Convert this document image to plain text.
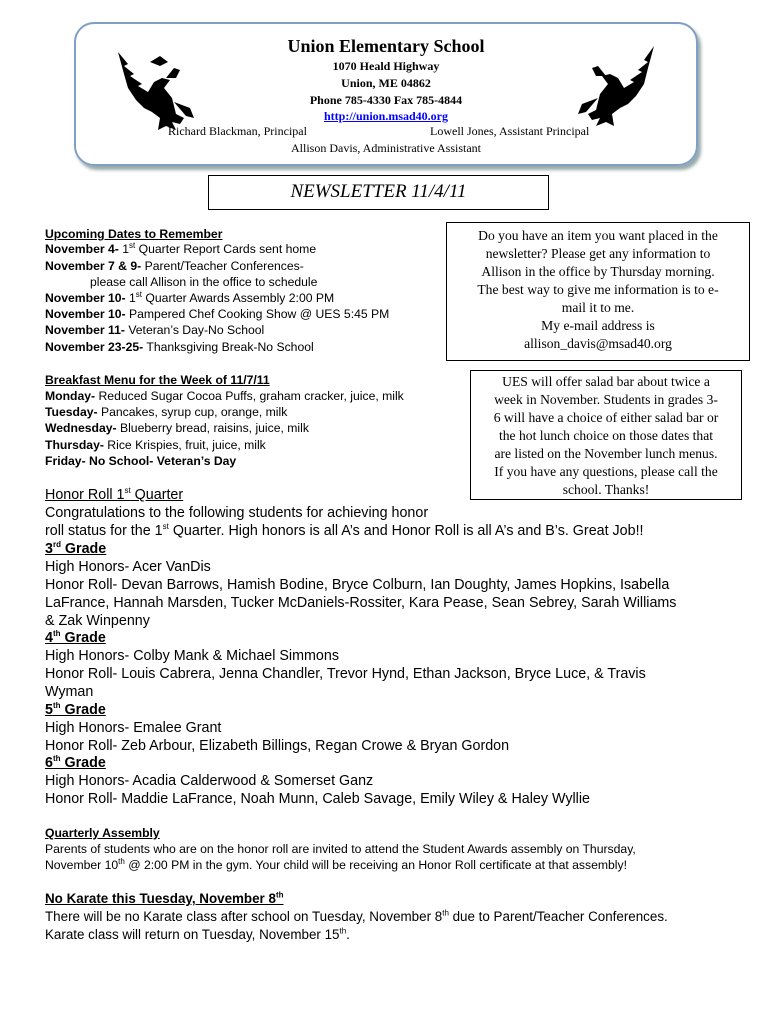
Union Elementary School
1070 Heald Highway
Union, ME 04862
Phone 785-4330 Fax 785-4844
http://union.msad40.org
Richard Blackman, Principal	Lowell Jones, Assistant Principal
Allison Davis, Administrative Assistant
NEWSLETTER 11/4/11
Do you have an item you want placed in the
newsletter? Please get any information to
Allison in the office by Thursday morning.
The best way to give me information is to e-
mail it to me.
My e-mail address is
allison_davis@msad40.org
UES will offer salad bar about twice a
week in November. Students in grades 3-
6 will have a choice of either salad bar or
the hot lunch choice on those dates that
are listed on the November lunch menus.
If you have any questions, please call the
school. Thanks!
Upcoming Dates to Remember
November 4- 1st Quarter Report Cards sent home
November 7 & 9- Parent/Teacher Conferences-
please call Allison in the office to schedule
November 10- 1st Quarter Awards Assembly 2:00 PM
November 10- Pampered Chef Cooking Show @ UES 5:45 PM
November 11- Veteran’s Day-No School
November 23-25- Thanksgiving Break-No School
Breakfast Menu for the Week of 11/7/11
Monday- Reduced Sugar Cocoa Puffs, graham cracker, juice, milk
Tuesday- Pancakes, syrup cup, orange, milk
Wednesday- Blueberry bread, raisins, juice, milk
Thursday- Rice Krispies, fruit, juice, milk
Friday- No School- Veteran’s Day
Honor Roll 1st Quarter
Congratulations to the following students for achieving honor
roll status for the 1st Quarter. High honors is all A’s and Honor Roll is all A’s and B’s. Great Job!!
3rd Grade
High Honors- Acer VanDis
Honor Roll- Devan Barrows, Hamish Bodine, Bryce Colburn, Ian Doughty, James Hopkins, Isabella
LaFrance, Hannah Marsden, Tucker McDaniels-Rossiter, Kara Pease, Sean Sebrey, Sarah Williams
& Zak Winpenny
4th Grade
High Honors- Colby Mank & Michael Simmons
Honor Roll- Louis Cabrera, Jenna Chandler, Trevor Hynd, Ethan Jackson, Bryce Luce, & Travis
Wyman
5th Grade
High Honors- Emalee Grant
Honor Roll- Zeb Arbour, Elizabeth Billings, Regan Crowe & Bryan Gordon
6th Grade
High Honors- Acadia Calderwood & Somerset Ganz
Honor Roll- Maddie LaFrance, Noah Munn, Caleb Savage, Emily Wiley & Haley Wyllie
Quarterly Assembly
Parents of students who are on the honor roll are invited to attend the Student Awards assembly on Thursday,
November 10th @ 2:00 PM in the gym. Your child will be receiving an Honor Roll certificate at that assembly!
No Karate this Tuesday, November 8th
There will be no Karate class after school on Tuesday, November 8th due to Parent/Teacher Conferences.
Karate class will return on Tuesday, November 15th.
